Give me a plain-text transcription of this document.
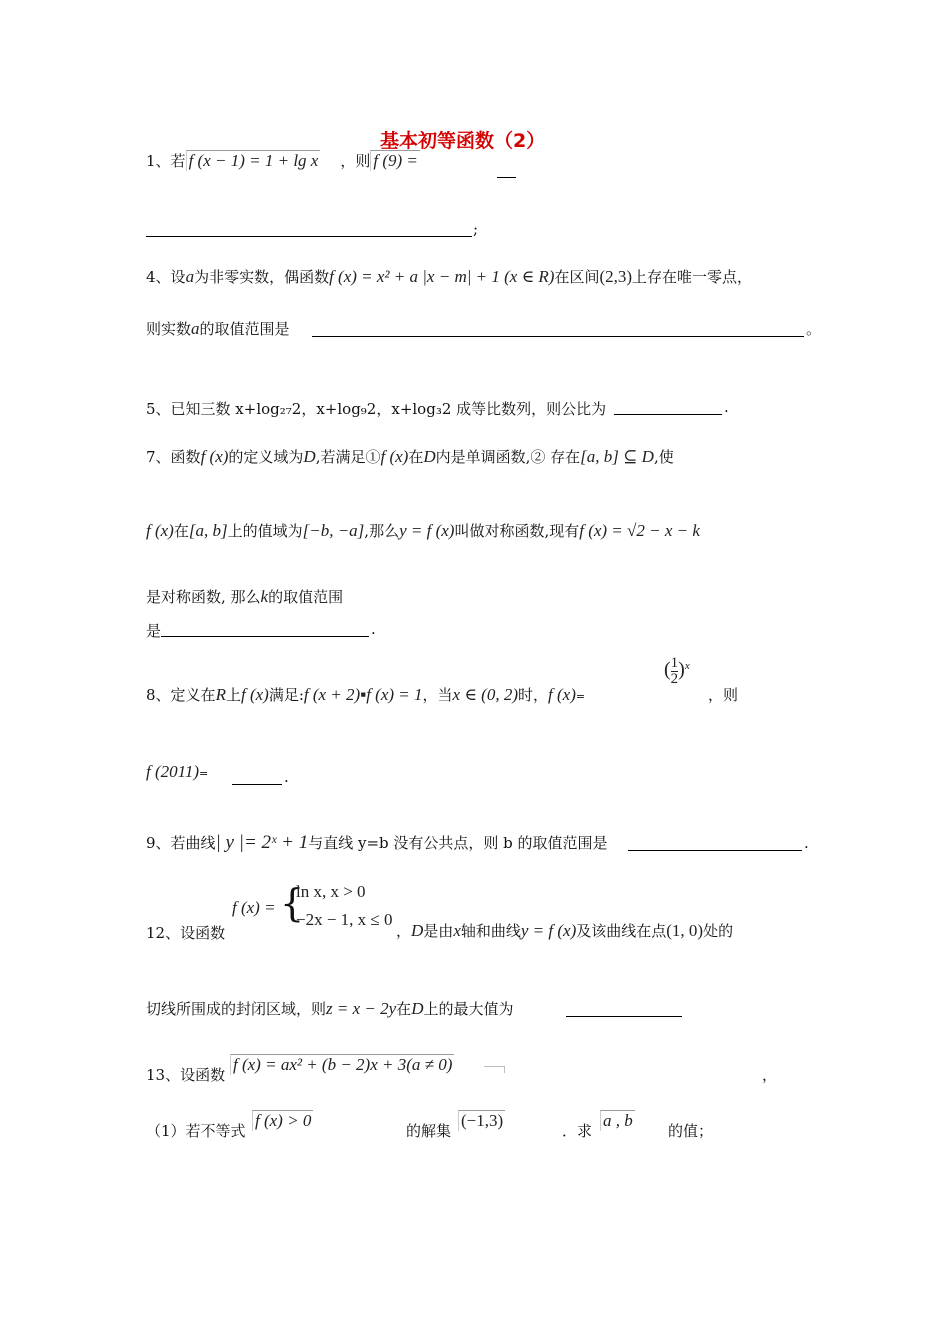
基本初等函数（2）
1、若 f (x − 1) = 1 + lg x ，则 f (9) =
;
4、设a为非零实数，偶函数f (x) = x² + a |x − m| + 1 (x ∈ R)在区间(2,3)上存在唯一零点，
则实数a的取值范围是	。
5、已知三数 x+log₂₇2，x+log₉2，x+log₃2 成等比数列，则公比为	.
7、函数f (x)的定义域为D,若满足①f (x)在D内是单调函数,② 存在[a, b] ⊆ D,使
f (x)在[a, b]上的值域为[−b, −a],那么y = f (x)叫做对称函数,现有f (x) = √2 − x − k
是对称函数, 那么k的取值范围
是	.
8、定义在R上f (x)满足:f (x + 2)▪f (x) = 1，当x ∈ (0, 2)时，f (x)=
( $\frac{1}{2} )^x$
，则
f (2011)=	.
9、若曲线| y |= 2ˣ + 1与直线 y=b 没有公共点，则 b 的取值范围是	.
12、设函数
f (x) = {
ln x, x > 0
−2x − 1, x ≤ 0
，D是由x轴和曲线y = f (x)及该曲线在点(1, 0)处的
切线所围成的封闭区域，则z = x − 2y在D上的最大值为
13、设函数
f (x) = ax² + (b − 2)x + 3(a ≠ 0)
，
（1）若不等式
f (x) > 0
的解集
(−1,3)
．求
a , b
的值；
